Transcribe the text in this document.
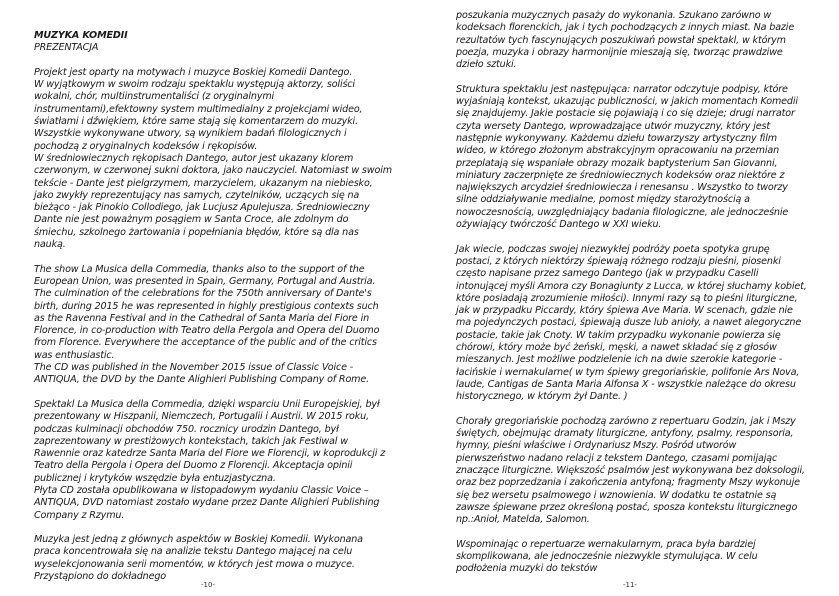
MUZYKA KOMEDII
PREZENTACJA

Projekt jest oparty na motywach i muzyce Boskiej Komedii Dantego.
W wyjątkowym w swoim rodzaju spektaklu występują aktorzy, soliści wokalni, chór, multiinstrumentaliści (z oryginalnymi instrumentami),efektowny system multimedialny z projekcjami wideo, światłami i dźwiękiem, które same stają się komentarzem do muzyki.
Wszystkie wykonywane utwory, są wynikiem badań filologicznych i pochodzą z oryginalnych kodeksów i rękopisów.
W średniowiecznych rękopisach Dantego, autor jest ukazany klorem czerwonym, w czerwonej sukni doktora, jako nauczyciel. Natomiast w swoim tekście - Dante jest pielgrzymem, marzycielem, ukazanym na niebiesko, jako zwykły reprezentujący nas samych, czytelników, uczących się na bieżąco - jak Pinokio Collodiego, jak Lucjusz Apulejusza. Średniowieczny Dante nie jest poważnym posągiem w Santa Croce, ale zdolnym do śmiechu, szkolnego żartowania i popełniania błędów, które są dla nas nauką.

The show La Musica della Commedia, thanks also to the support of the European Union, was presented in Spain, Germany, Portugal and Austria. The culmination of the celebrations for the 750th anniversary of Dante's birth, during 2015 he was represented in highly prestigious contexts such as the Ravenna Festival and in the Cathedral of Santa Maria del Fiore in Florence, in co-production with Teatro della Pergola and Opera del Duomo from Florence. Everywhere the acceptance of the public and of the critics was enthusiastic.
The CD was published in the November 2015 issue of Classic Voice - ANTIQUA, the DVD by the Dante Alighieri Publishing Company of Rome.

Spektakl La Musica della Commedia, dzięki wsparciu Unii Europejskiej, był prezentowany w Hiszpanii, Niemczech, Portugalii i Austrii. W 2015 roku, podczas kulminacji obchodów 750. rocznicy urodzin Dantego, był zaprezentowany w prestiżowych kontekstach, takich jak Festiwal w Rawennie oraz katedrze Santa Maria del Fiore we Florencji, w koprodukcji z Teatro della Pergola i Opera del Duomo z Florencji. Akceptacja opinii publicznej i krytyków wszędzie była entuzjastyczna.
Płyta CD została opublikowana w listopadowym wydaniu Classic Voice – ANTIQUA, DVD natomiast zostało wydane przez Dante Alighieri Publishing Company z Rzymu.

Muzyka jest jedną z głównych aspektów w Boskiej Komedii. Wykonana praca koncentrowała się na analizie tekstu Dantego mającej na celu wyselekcjonowania serii momentów, w których jest mowa o muzyce. Przystąpiono do dokładnego

-10-

poszukania muzycznych pasaży do wykonania. Szukano zarówno w kodeksach florenckich, jak i tych pochodzących z innych miast. Na bazie rezultatów tych fascynujących poszukiwań powstał spektakl, w którym poezja, muzyka i obrazy harmonijnie mieszają się, tworząc prawdziwe dzieło sztuki.

Struktura spektaklu jest następująca: narrator odczytuje podpisy, które wyjaśniają kontekst, ukazując publiczności, w jakich momentach Komedii się znajdujemy. Jakie postacie się pojawiają i co się dzieje; drugi narrator czyta wersety Dantego, wprowadzające utwór muzyczny, który jest następnie wykonywany. Każdemu dziełu towarzyszy artystyczny film wideo, w którego złożonym abstrakcyjnym opracowaniu na przemian przeplatają się wspaniałe obrazy mozaik baptysterium San Giovanni, miniatury zaczerpnięte ze średniowiecznych kodeksów oraz niektóre z największych arcydzieł średniowiecza i renesansu . Wszystko to tworzy silne oddziaływanie medialne, pomost między starożytnością a nowoczesnością, uwzględniający badania filologiczne, ale jednocześnie ożywiający twórczość Dantego w XXI wieku.

Jak wiecie, podczas swojej niezwykłej podróży poeta spotyka grupę postaci, z których niektórzy śpiewają różnego rodzaju pieśni, piosenki często napisane przez samego Dantego (jak w przypadku Caselli intonującej myśli Amora czy Bonagiunty z Lucca, w której słuchamy kobiet, które posiadają zrozumienie miłości). Innymi razy są to pieśni liturgiczne, jak w przypadku Piccardy, który śpiewa Ave Maria. W scenach, gdzie nie ma pojedynczych postaci, śpiewają dusze lub anioły, a nawet alegoryczne postacie, takie jak Cnoty. W takim przypadku wykonanie powierza się chórowi, który może być żeński, męski, a nawet składać się z głosów mieszanych. Jest możliwe podzielenie ich na dwie szerokie kategorie - łacińskie i wernakularne( w tym śpiewy gregoriańskie, polifonie Ars Nova, laude, Cantigas de Santa Maria Alfonsa X - wszystkie należące do okresu historycznego, w którym żył Dante. )

Chorały gregoriańskie pochodzą zarówno z repertuaru Godzin, jak i Mszy świętych, obejmując dramaty liturgiczne, antyfony, psalmy, responsoria, hymny, pieśni właściwe i Ordynariusz Mszy. Pośród utworów pierwszeństwo nadano relacji z tekstem Dantego, czasami pomijając znaczące liturgiczne. Większość psalmów jest wykonywana bez doksologii, oraz bez poprzedzania i zakończenia antyfoną; fragmenty Mszy wykonuje się bez wersetu psalmowego i wznowienia. W dodatku te ostatnie są zawsze śpiewane przez określoną postać, sposza kontekstu liturgicznego np.:Anioł, Matelda, Salomon.

Wspominając o repertuarze wernakularnym, praca była bardziej skomplikowana, ale jednocześnie niezwykle stymulująca. W celu podłożenia muzyki do tekstów

-11-
